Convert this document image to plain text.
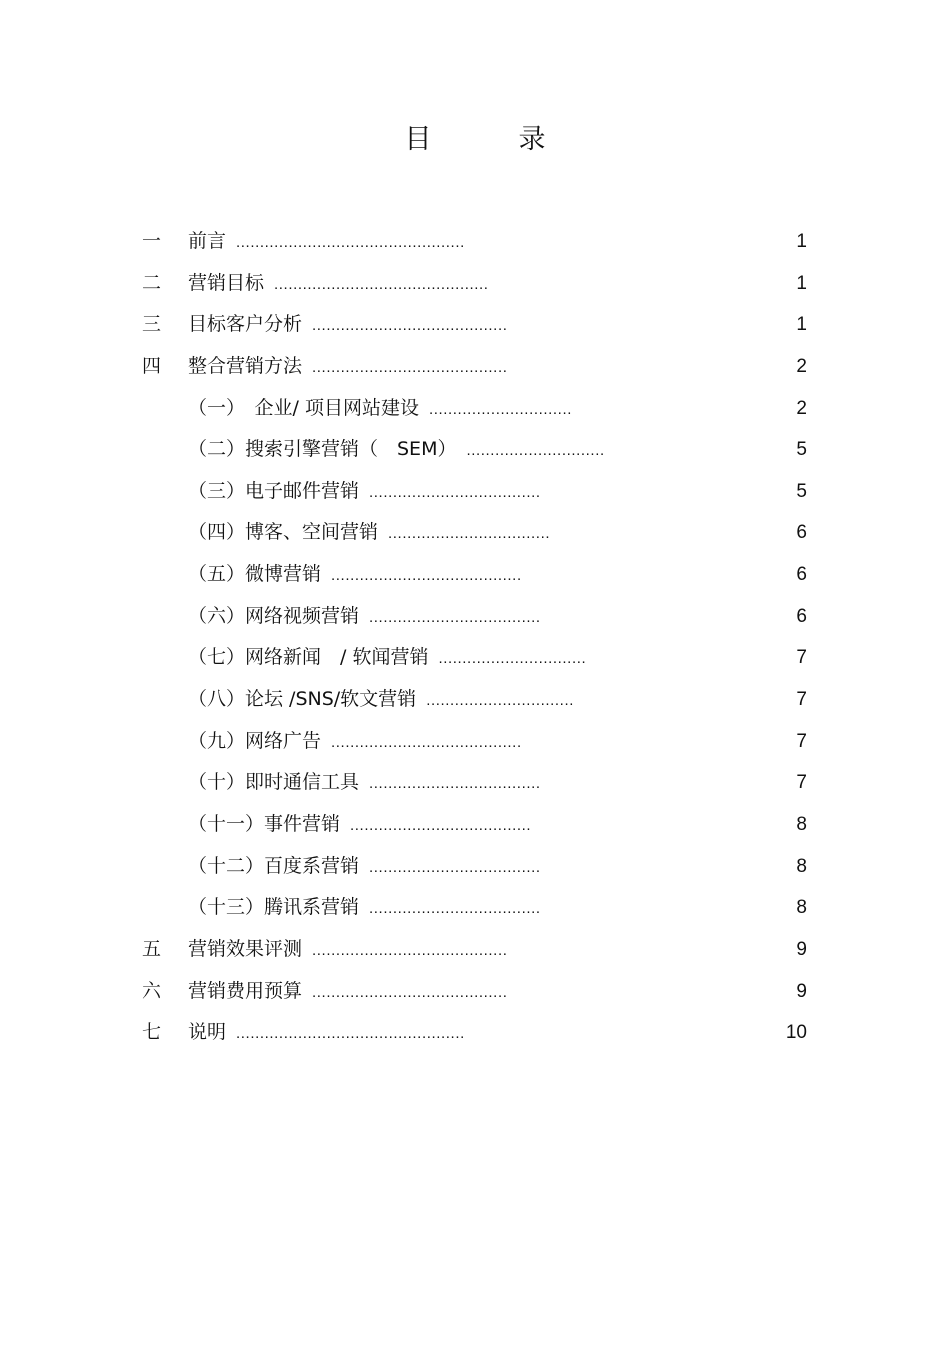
目　录
一 前言 ................................................	1
二 营销目标 .............................................	1
三 目标客户分析 .........................................	1
四 整合营销方法 .........................................	2
（一）　企业/ 项目网站建设 ..............................	2
（二）搜索引擎营销（　SEM） .............................	5
（三）电子邮件营销 ....................................	5
（四）博客、空间营销 ..................................	6
（五）微博营销 ........................................	6
（六）网络视频营销 ....................................	6
（七）网络新闻　/ 软闻营销 ...............................	7
（八）论坛 /SNS/软文营销 ...............................	7
（九）网络广告 ........................................	7
（十）即时通信工具 ....................................	7
（十一）事件营销 ......................................	8
（十二）百度系营销 ....................................	8
（十三）腾讯系营销 ....................................	8
五 营销效果评测 .........................................	9
六 营销费用预算 .........................................	9
七 说明 ................................................	10
